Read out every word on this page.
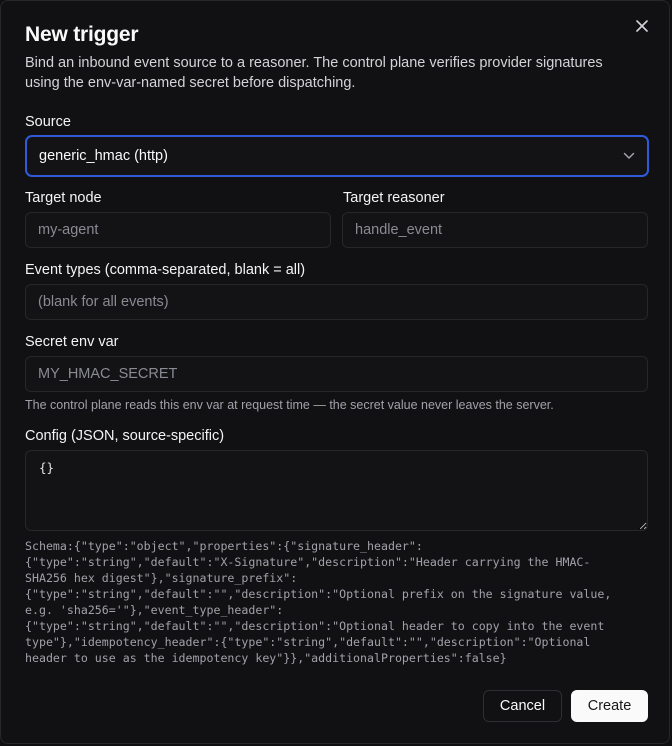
New trigger
Bind an inbound event source to a reasoner. The control plane verifies provider signatures using the env-var-named secret before dispatching.
Source
generic_hmac (http)
Target node
my-agent	Target reasoner
handle_event
Event types (comma-separated, blank = all)
(blank for all events)
Secret env var
MY_HMAC_SECRET
The control plane reads this env var at request time — the secret value never leaves the server.
Config (JSON, source-specific)
{}
Schema:{"type":"object","properties":{"signature_header":
{"type":"string","default":"X-Signature","description":"Header carrying the HMAC-
SHA256 hex digest"},"signature_prefix":
{"type":"string","default":"","description":"Optional prefix on the signature value,
e.g. 'sha256='"},"event_type_header":
{"type":"string","default":"","description":"Optional header to copy into the event
type"},"idempotency_header":{"type":"string","default":"","description":"Optional
header to use as the idempotency key"}},"additionalProperties":false}
Cancel	Create
